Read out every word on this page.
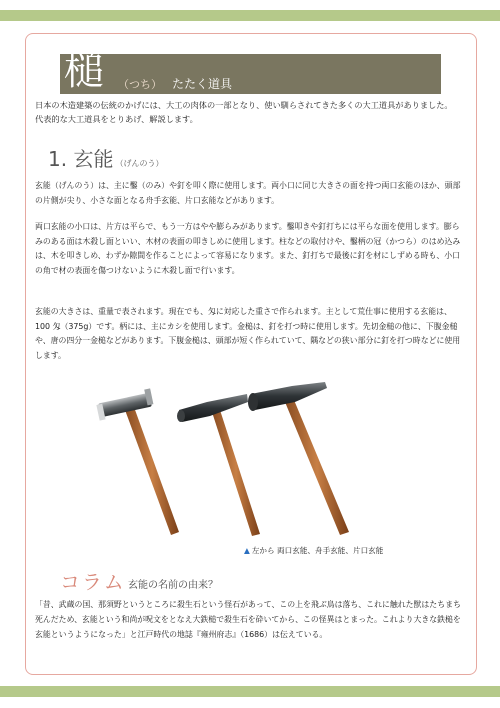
槌 （つち） たたく道具
日本の木造建築の伝統のかげには、大工の肉体の一部となり、使い馴らされてきた多くの大工道具がありました。代表的な大工道具をとりあげ、解説します。
1. 玄能 （げんのう）
玄能（げんのう）は、主に鑿（のみ）や釘を叩く際に使用します。両小口に同じ大きさの面を持つ両口玄能のほか、頭部の片側が尖り、小さな面となる舟手玄能、片口玄能などがあります。
両口玄能の小口は、片方は平らで、もう一方はやや膨らみがあります。鑿叩きや釘打ちには平らな面を使用します。膨らみのある面は木殺し面といい、木材の表面の叩きしめに使用します。柱などの取付けや、鑿柄の冠（かつら）のはめ込みは、木を叩きしめ、わずか隙間を作ることによって容易になります。また、釘打ちで最後に釘を材にしずめる時も、小口の角で材の表面を傷つけないように木殺し面で行います。
玄能の大きさは、重量で表されます。現在でも、匁に対応した重さで作られます。主として荒仕事に使用する玄能は、100 匁（375g）です。柄には、主にカシを使用します。金槌は、釘を打つ時に使用します。先切金槌の他に、下腹金槌や、唐の四分一金槌などがあります。下腹金槌は、頭部が短く作られていて、隅などの狭い部分に釘を打つ時などに使用します。
▲ 左から 両口玄能、舟手玄能、片口玄能
コラム 玄能の名前の由来？
「昔、武蔵の国、那須野というところに殺生石という怪石があって、この上を飛ぶ鳥は落ち、これに触れた獣はたちまち死んだため、玄能という和尚が呪文をとなえ大鉄槌で殺生石を砕いてから、この怪異はとまった。これより大きな鉄槌を玄能というようになった」と江戸時代の地誌『雍州府志』（1686）は伝えている。
